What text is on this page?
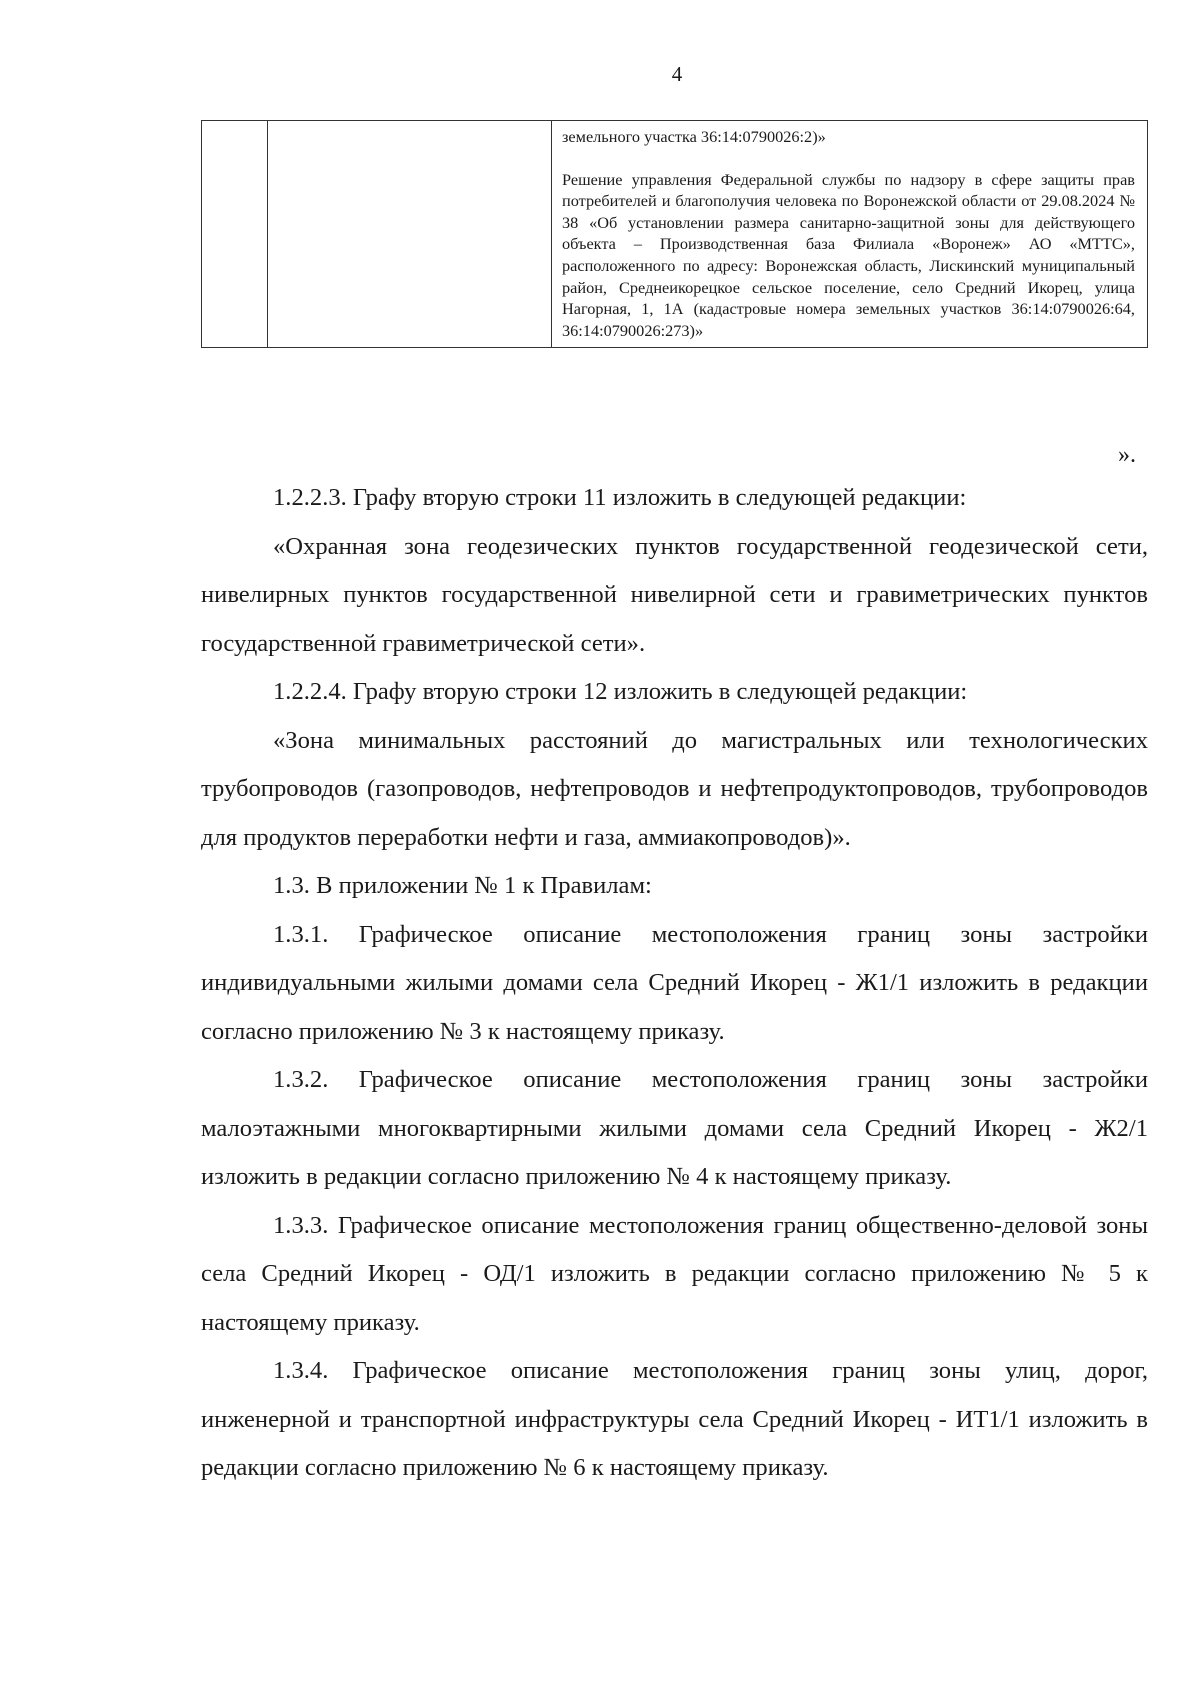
4

земельного участка 36:14:0790026:2)»

Решение управления Федеральной службы по надзору в сфере защиты прав потребителей и благополучия человека по Воронежской области от 29.08.2024 № 38 «Об установлении размера санитарно-защитной зоны для действующего объекта – Производственная база Филиала «Воронеж» АО «МТТС», расположенного по адресу: Воронежская область, Лискинский муниципальный район, Среднеикорецкое сельское поселение, село Средний Икорец, улица Нагорная, 1, 1А (кадастровые номера земельных участков 36:14:0790026:64, 36:14:0790026:273)»

».

1.2.2.3. Графу вторую строки 11 изложить в следующей редакции:

«Охранная зона геодезических пунктов государственной геодезической сети, нивелирных пунктов государственной нивелирной сети и гравиметрических пунктов государственной гравиметрической сети».

1.2.2.4. Графу вторую строки 12 изложить в следующей редакции:

«Зона минимальных расстояний до магистральных или технологических трубопроводов (газопроводов, нефтепроводов и нефтепродуктопроводов, трубопроводов для продуктов переработки нефти и газа, аммиакопроводов)».

1.3. В приложении № 1 к Правилам:

1.3.1. Графическое описание местоположения границ зоны застройки индивидуальными жилыми домами села Средний Икорец - Ж1/1 изложить в редакции согласно приложению № 3 к настоящему приказу.

1.3.2. Графическое описание местоположения границ зоны застройки малоэтажными многоквартирными жилыми домами села Средний Икорец - Ж2/1 изложить в редакции согласно приложению № 4 к настоящему приказу.

1.3.3. Графическое описание местоположения границ общественно-деловой зоны села Средний Икорец - ОД/1 изложить в редакции согласно приложению № 5 к настоящему приказу.

1.3.4. Графическое описание местоположения границ зоны улиц, дорог, инженерной и транспортной инфраструктуры села Средний Икорец - ИТ1/1 изложить в редакции согласно приложению № 6 к настоящему приказу.
